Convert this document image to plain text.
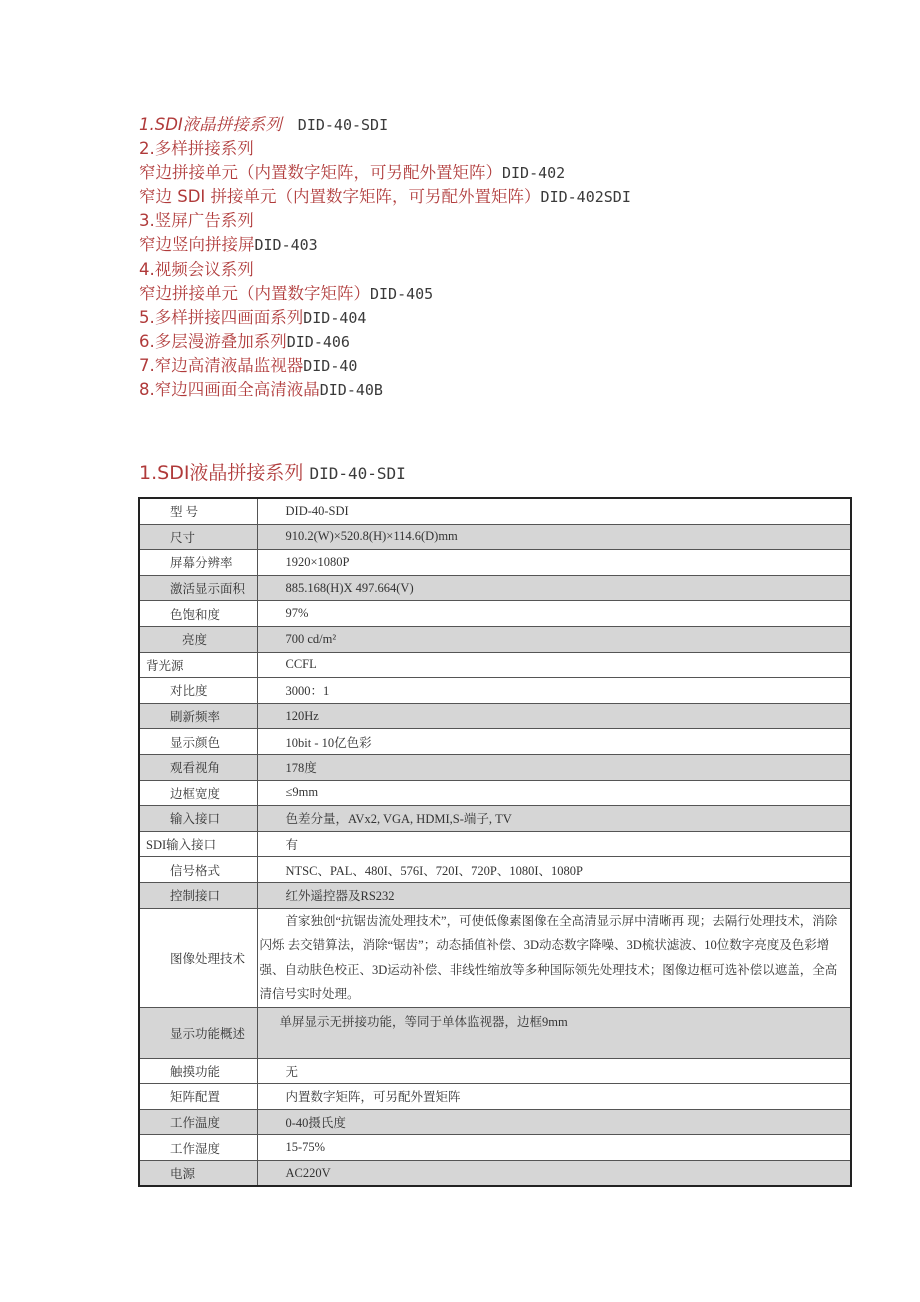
1.SDI液晶拼接系列 DID-40-SDI
2.多样拼接系列
窄边拼接单元（内置数字矩阵，可另配外置矩阵）DID-402
窄边 SDI 拼接单元（内置数字矩阵，可另配外置矩阵）DID-402SDI
3.竖屏广告系列
窄边竖向拼接屏DID-403
4.视频会议系列
窄边拼接单元（内置数字矩阵）DID-405
5.多样拼接四画面系列DID-404
6.多层漫游叠加系列DID-406
7.窄边高清液晶监视器DID-40
8.窄边四画面全高清液晶DID-40B
1.SDI液晶拼接系列 DID-40-SDI
型 号	DID-40-SDI
尺寸	910.2(W)×520.8(H)×114.6(D)mm
屏幕分辨率	1920×1080P
激活显示面积	885.168(H)X 497.664(V)
色饱和度	97%
亮度	700 cd/m²
背光源	CCFL
对比度	3000：1
刷新频率	120Hz
显示颜色	10bit - 10亿色彩
观看视角	178度
边框宽度	≤9mm
输入接口	色差分量，AVx2, VGA, HDMI,S-端子, TV
SDI输入接口	有
信号格式	NTSC、PAL、480I、576I、720I、720P、1080I、1080P
控制接口	红外遥控器及RS232
图像处理技术	首家独创“抗锯齿流处理技术”，可使低像素图像在全高清显示屏中清晰再 现；去隔行处理技术，消除闪烁 去交错算法，消除“锯齿”；动态插值补偿、3D动态数字降噪、3D梳状滤波、10位数字亮度及色彩增强、自动肤色校正、3D运动补偿、非线性缩放等多种国际领先处理技术；图像边框可选补偿以遮盖，全高清信号实时处理。
显示功能概述	单屏显示无拼接功能，等同于单体监视器，边框9mm
触摸功能	无
矩阵配置	内置数字矩阵，可另配外置矩阵
工作温度	0-40摄氏度
工作湿度	15-75%
电源	AC220V
